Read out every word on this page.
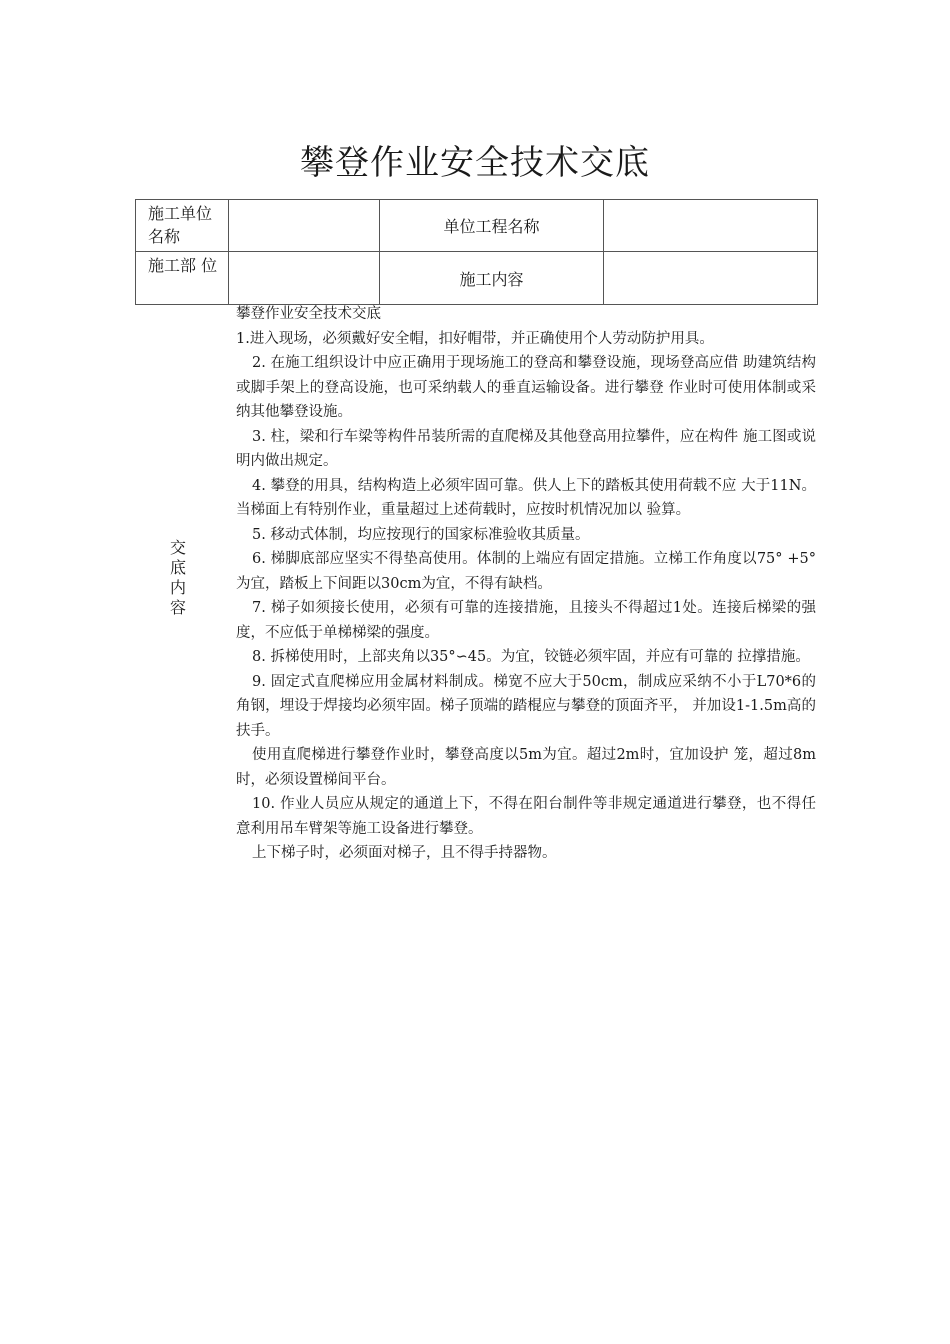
攀登作业安全技术交底
施工单位名称		单位工程名称	
施工部 位		施工内容	
交底内容

攀登作业安全技术交底

1.进入现场，必须戴好安全帽，扣好帽带，并正确使用个人劳动防护用具。

2. 在施工组织设计中应正确用于现场施工的登高和攀登设施，现场登高应借 助建筑结构或脚手架上的登高设施，也可采纳载人的垂直运输设备。进行攀登 作业时可使用体制或采纳其他攀登设施。

3. 柱，梁和行车梁等构件吊装所需的直爬梯及其他登高用拉攀件，应在构件 施工图或说明内做出规定。

4. 攀登的用具，结构构造上必须牢固可靠。供人上下的踏板其使用荷载不应 大于11N。当梯面上有特别作业，重量超过上述荷载时，应按时机情况加以 验算。

5. 移动式体制，均应按现行的国家标准验收其质量。

6. 梯脚底部应坚实不得垫高使用。体制的上端应有固定措施。立梯工作角度以75° +5°为宜，踏板上下间距以30cm为宜，不得有缺档。

7. 梯子如须接长使用，必须有可靠的连接措施，且接头不得超过1处。连接后梯梁的强度，不应低于单梯梯梁的强度。

8. 拆梯使用时，上部夹角以35°∽45。为宜，铰链必须牢固，并应有可靠的 拉撑措施。

9. 固定式直爬梯应用金属材料制成。梯宽不应大于50cm，制成应采纳不小于L70*6的角钢，埋设于焊接均必须牢固。梯子顶端的踏棍应与攀登的顶面齐平， 并加设1-1.5m高的扶手。

使用直爬梯进行攀登作业时，攀登高度以5m为宜。超过2m时，宜加设护 笼，超过8m时，必须设置梯间平台。

10. 作业人员应从规定的通道上下，不得在阳台制件等非规定通道进行攀登，也不得任意利用吊车臂架等施工设备进行攀登。

上下梯子时，必须面对梯子，且不得手持器物。
